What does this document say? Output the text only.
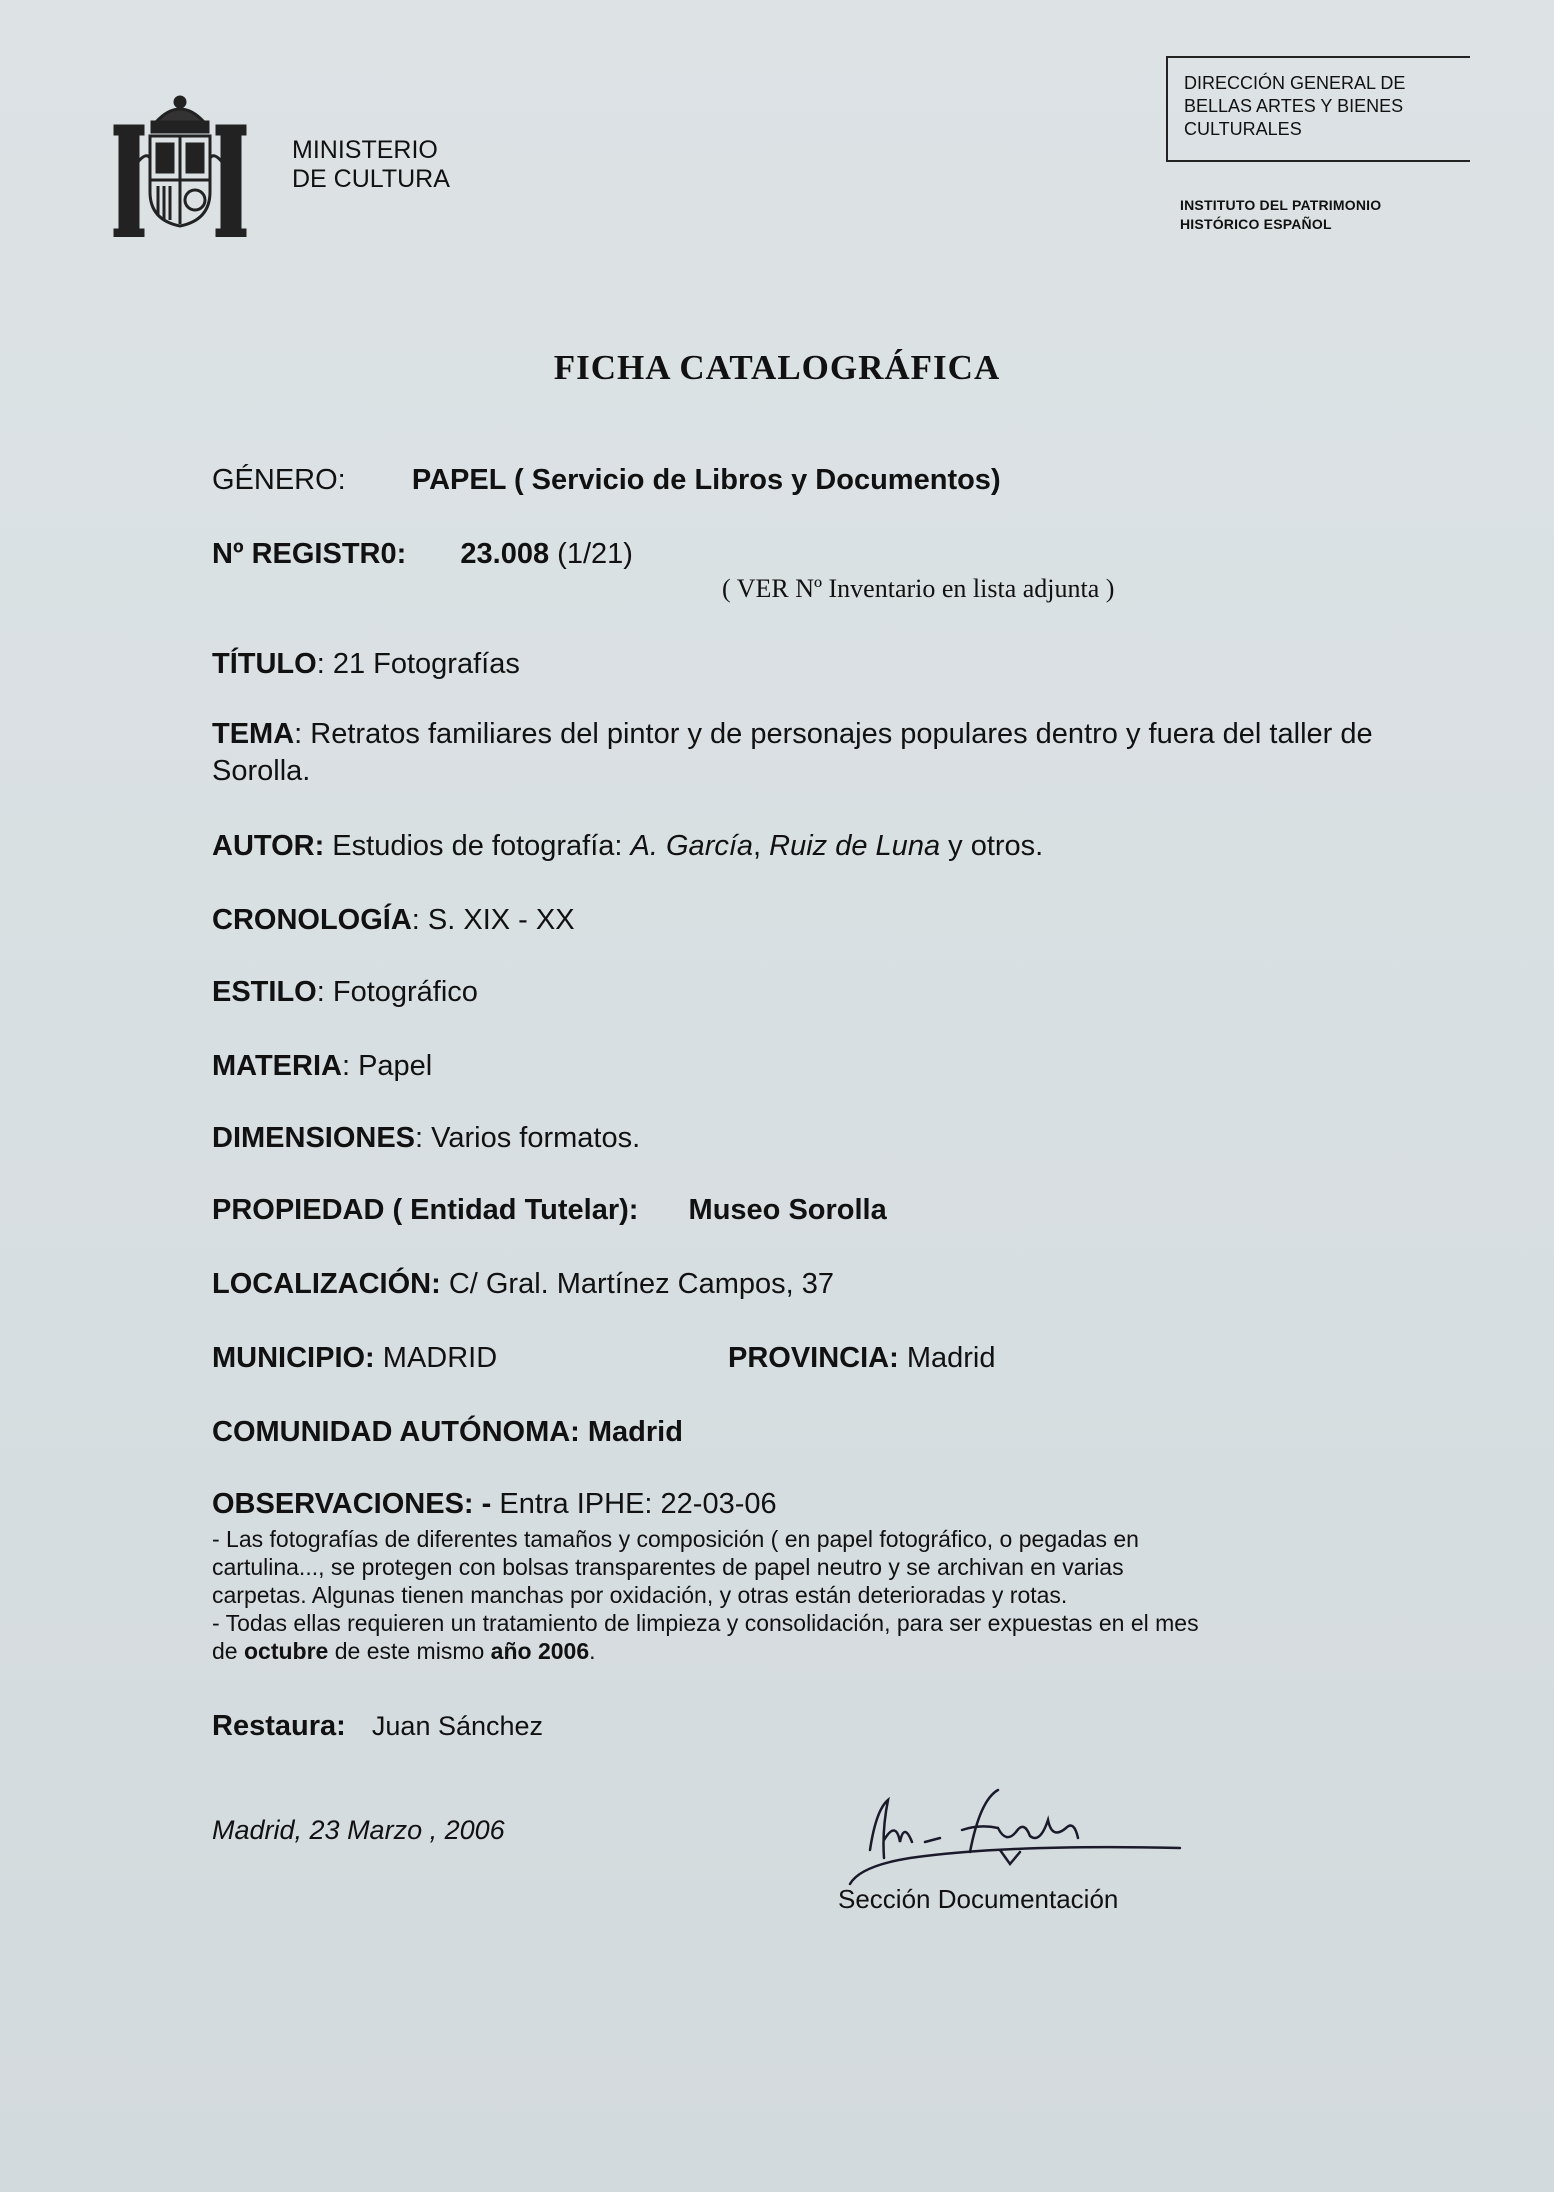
MINISTERIO
DE CULTURA
DIRECCIÓN GENERAL DE
BELLAS ARTES Y BIENES
CULTURALES
INSTITUTO DEL PATRIMONIO
HISTÓRICO ESPAÑOL
FICHA CATALOGRÁFICA
GÉNERO: PAPEL ( Servicio de Libros y Documentos)
Nº REGISTR0: 23.008 (1/21)
( VER Nº Inventario en lista adjunta )
TÍTULO: 21 Fotografías
TEMA: Retratos familiares del pintor y de personajes populares dentro y fuera del taller de Sorolla.
AUTOR: Estudios de fotografía: A. García, Ruiz de Luna y otros.
CRONOLOGÍA: S. XIX - XX
ESTILO: Fotográfico
MATERIA: Papel
DIMENSIONES: Varios formatos.
PROPIEDAD ( Entidad Tutelar): Museo Sorolla
LOCALIZACIÓN: C/ Gral. Martínez Campos, 37
MUNICIPIO: MADRID	PROVINCIA: Madrid
COMUNIDAD AUTÓNOMA: Madrid
OBSERVACIONES: - Entra IPHE: 22-03-06
- Las fotografías de diferentes tamaños y composición ( en papel fotográfico, o pegadas en
cartulina..., se protegen con bolsas transparentes de papel neutro y se archivan en varias
carpetas. Algunas tienen manchas por oxidación, y otras están deterioradas y rotas.
- Todas ellas requieren un tratamiento de limpieza y consolidación, para ser expuestas en el mes
de octubre de este mismo año 2006.
Restaura: Juan Sánchez
Madrid, 23 Marzo , 2006
Sección Documentación
